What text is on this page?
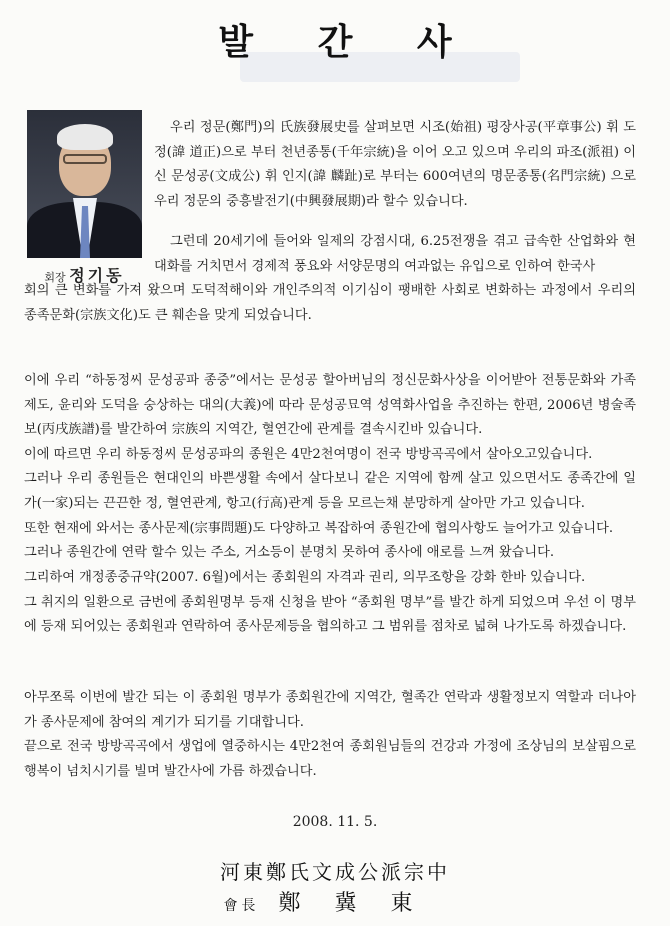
발 간 사
회장 정기동

우리 정문(鄭門)의 氏族發展史를 살펴보면 시조(始祖) 평장사공(平章事公) 휘 도정(諱 道正)으로 부터 천년종통(千年宗統)을 이어 오고 있으며 우리의 파조(派祖) 이신 문성공(文成公) 휘 인지(諱 麟趾)로 부터는 600여년의 명문종통(名門宗統) 으로 우리 정문의 중흥발전기(中興發展期)라 할수 있습니다.

그런데 20세기에 들어와 일제의 강점시대, 6.25전쟁을 겪고 급속한 산업화와 현대화를 거치면서 경제적 풍요와 서양문명의 여과없는 유입으로 인하여 한국사
회의 큰 변화를 가져 왔으며 도덕적해이와 개인주의적 이기심이 팽배한 사회로 변화하는 과정에서 우리의 종족문화(宗族文化)도 큰 훼손을 맞게 되었습니다.

이에 우리 “하동정씨 문성공파 종중”에서는 문성공 할아버님의 정신문화사상을 이어받아 전통문화와 가족제도, 윤리와 도덕을 숭상하는 대의(大義)에 따라 문성공묘역 성역화사업을 추진하는 한편, 2006년 병술족보(丙戌族譜)를 발간하여 宗族의 지역간, 혈연간에 관계를 결속시킨바 있습니다.
이에 따르면 우리 하동정씨 문성공파의 종원은 4만2천여명이 전국 방방곡곡에서 살아오고있습니다.
그러나 우리 종원들은 현대인의 바쁜생활 속에서 살다보니 같은 지역에 함께 살고 있으면서도 종족간에 일가(一家)되는 끈끈한 정, 혈연관계, 항고(行高)관계 등을 모르는채 분망하게 살아만 가고 있습니다.
또한 현재에 와서는 종사문제(宗事問題)도 다양하고 복잡하여 종원간에 협의사항도 늘어가고 있습니다.
그러나 종원간에 연락 할수 있는 주소, 거소등이 분명치 못하여 종사에 애로를 느껴 왔습니다.
그리하여 개정종중규약(2007. 6월)에서는 종회원의 자격과 권리, 의무조항을 강화 한바 있습니다.
그 취지의 일환으로 금번에 종회원명부 등재 신청을 받아 “종회원 명부”를 발간 하게 되었으며 우선 이 명부에 등재 되어있는 종회원과 연락하여 종사문제등을 협의하고 그 범위를 점차로 넓혀 나가도록 하겠습니다.
아무쪼록 이번에 발간 되는 이 종회원 명부가 종회원간에 지역간, 혈족간 연락과 생활정보지 역할과 더나아가 종사문제에 참여의 계기가 되기를 기대합니다.
끝으로 전국 방방곡곡에서 생업에 열중하시는 4만2천여 종회원님들의 건강과 가정에 조상님의 보살핌으로 행복이 넘치시기를 빌며 발간사에 가름 하겠습니다.
2008. 11. 5.
河東鄭氏文成公派宗中
會長 鄭冀東
